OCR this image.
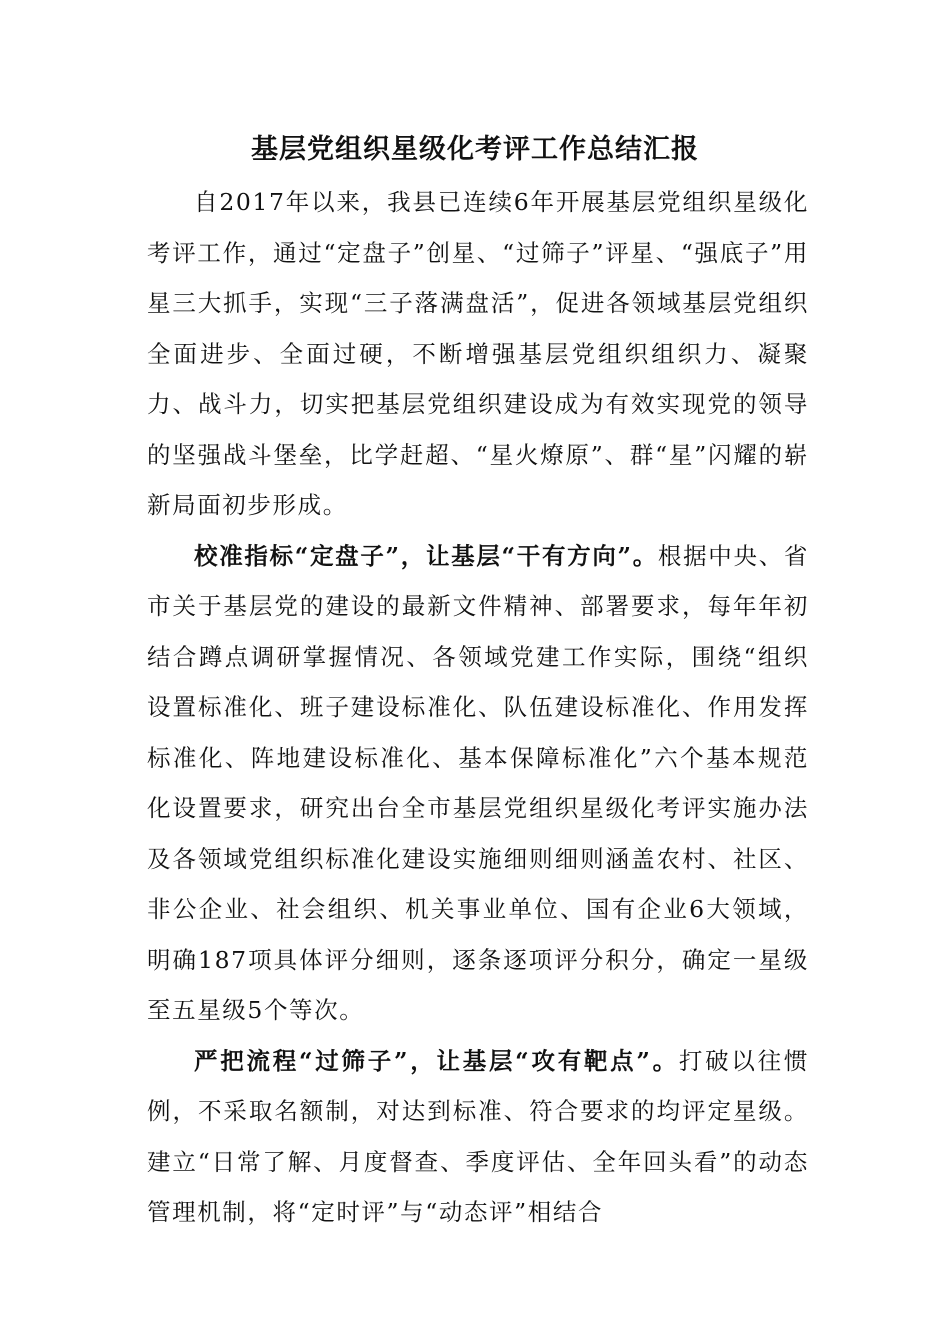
基层党组织星级化考评工作总结汇报

自2017年以来，我县已连续6年开展基层党组织星级化考评工作，通过“定盘子”创星、“过筛子”评星、“强底子”用星三大抓手，实现“三子落满盘活”，促进各领域基层党组织全面进步、全面过硬，不断增强基层党组织组织力、凝聚力、战斗力，切实把基层党组织建设成为有效实现党的领导的坚强战斗堡垒，比学赶超、“星火燎原”、群“星”闪耀的崭新局面初步形成。

校准指标“定盘子”，让基层“干有方向”。根据中央、省市关于基层党的建设的最新文件精神、部署要求，每年年初结合蹲点调研掌握情况、各领域党建工作实际，围绕“组织设置标准化、班子建设标准化、队伍建设标准化、作用发挥标准化、阵地建设标准化、基本保障标准化”六个基本规范化设置要求，研究出台全市基层党组织星级化考评实施办法及各领域党组织标准化建设实施细则细则涵盖农村、社区、非公企业、社会组织、机关事业单位、国有企业6大领域，明确187项具体评分细则，逐条逐项评分积分，确定一星级至五星级5个等次。

严把流程“过筛子”，让基层“攻有靶点”。打破以往惯例，不采取名额制，对达到标准、符合要求的均评定星级。建立“日常了解、月度督查、季度评估、全年回头看”的动态管理机制，将“定时评”与“动态评”相结合
